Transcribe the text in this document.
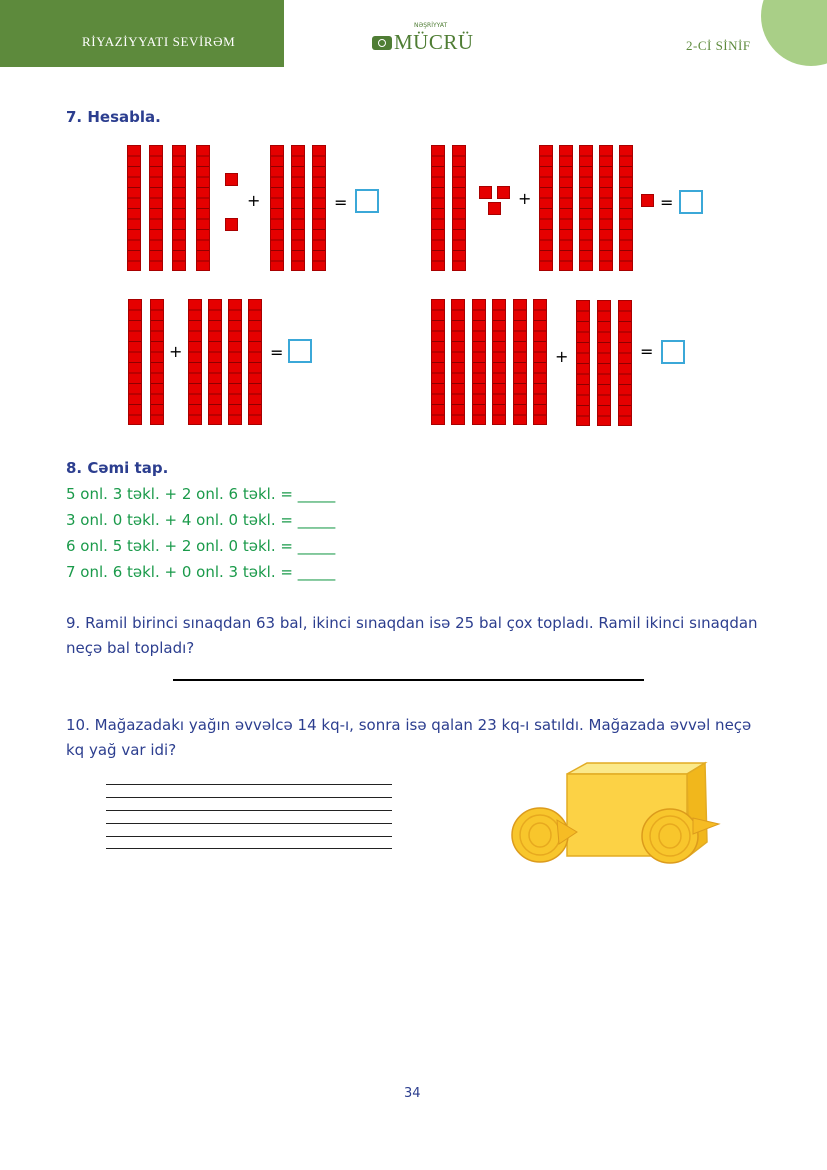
RİYAZİYYATI SEVİRƏM
NƏŞRİYYAT
MÜCRÜ	2-Cİ SİNİF
7. Hesabla.
+	=	+	=
+	=	+	=
8. Cəmi tap.
5 onl. 3 təkl. + 2 onl. 6 təkl. = _____
3 onl. 0 təkl. + 4 onl. 0 təkl. = _____
6 onl. 5 təkl. + 2 onl. 0 təkl. = _____
7 onl. 6 təkl. + 0 onl. 3 təkl. = _____
9. Ramil birinci sınaqdan 63 bal, ikinci sınaqdan isə 25 bal çox topladı. Ramil ikinci sınaqdan
neçə bal topladı?
10. Mağazadakı yağın əvvəlcə 14 kq-ı, sonra isə qalan 23 kq-ı satıldı. Mağazada əvvəl neçə
kq yağ var idi?
34
